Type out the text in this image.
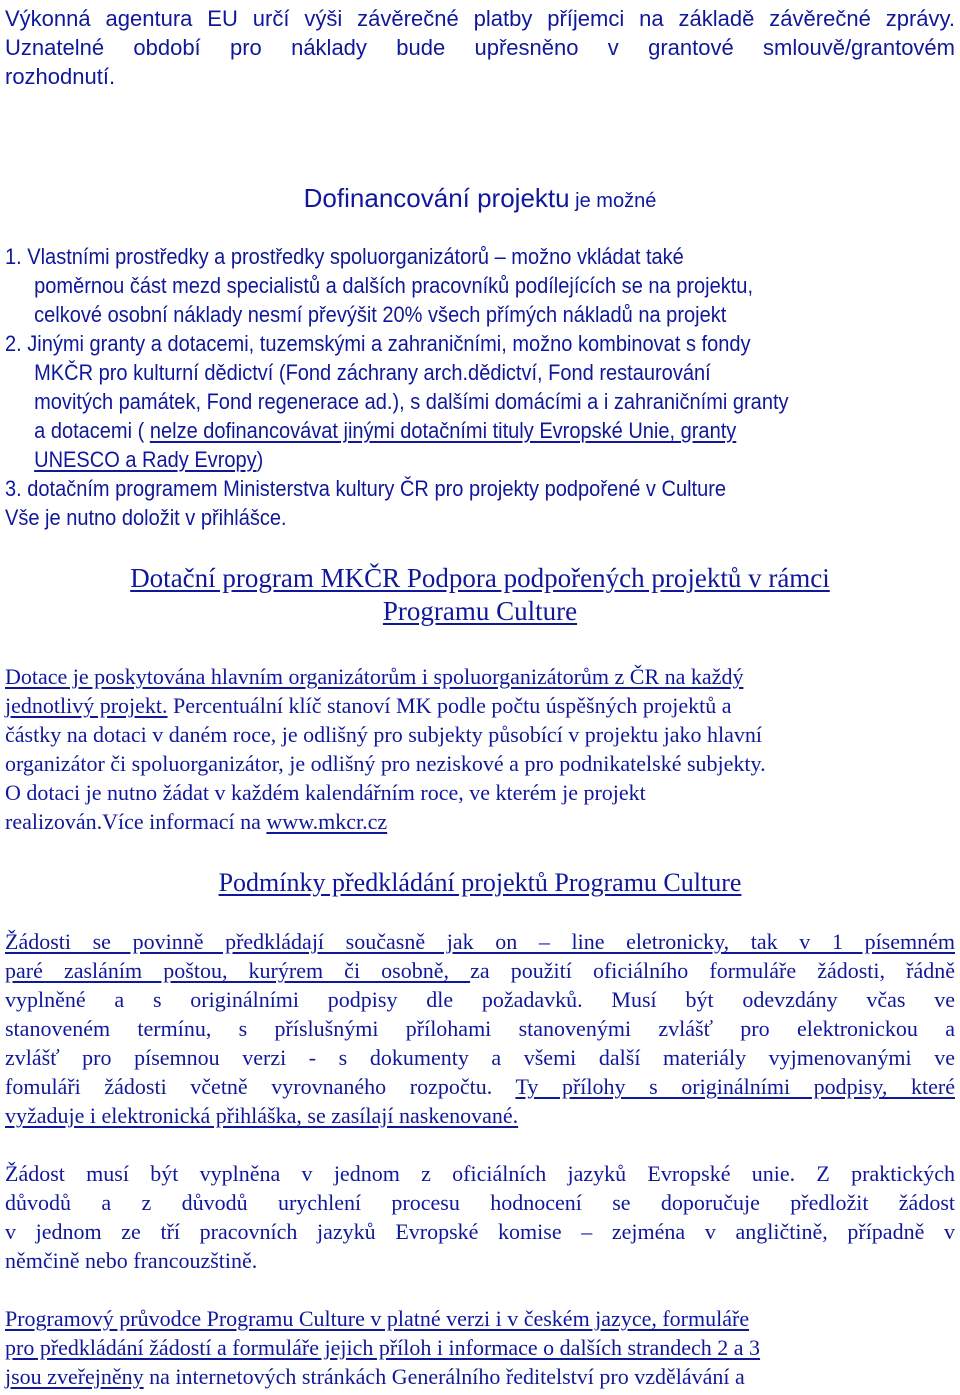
Výkonná agentura EU určí výši závěrečné platby příjemci na základě závěrečné zprávy.
Uznatelné období pro náklady bude upřesněno v grantové smlouvě/grantovém
rozhodnutí.
Dofinancování projektu je možné
1. Vlastními prostředky a prostředky spoluorganizátorů – možno vkládat také
poměrnou část mezd specialistů a dalších pracovníků podílejících se na projektu,
celkové osobní náklady nesmí převýšit 20% všech přímých nákladů na projekt
2. Jinými granty a dotacemi, tuzemskými a zahraničními, možno kombinovat s fondy
MKČR pro kulturní dědictví (Fond záchrany arch.dědictví, Fond restaurování
movitých památek, Fond regenerace ad.), s dalšími domácími a i zahraničními granty
a dotacemi ( nelze dofinancovávat jinými dotačními tituly Evropské Unie, granty
UNESCO a Rady Evropy)
3. dotačním programem Ministerstva kultury ČR pro projekty podpořené v Culture
Vše je nutno doložit v přihlášce.
Dotační program MKČR Podpora podpořených projektů v rámci
Programu Culture
Dotace je poskytována hlavním organizátorům i spoluorganizátorům z ČR na každý
jednotlivý projekt. Percentuální klíč stanoví MK podle počtu úspěšných projektů a
částky na dotaci v daném roce, je odlišný pro subjekty působící v projektu jako hlavní
organizátor či spoluorganizátor, je odlišný pro neziskové a pro podnikatelské subjekty.
O dotaci je nutno žádat v každém kalendářním roce, ve kterém je projekt
realizován.Více informací na www.mkcr.cz
Podmínky předkládání projektů Programu Culture
Žádosti se povinně předkládají současně jak on – line eletronicky, tak v 1 písemném
paré zasláním poštou, kurýrem či osobně, za použití oficiálního formuláře žádosti, řádně
vyplněné a s originálními podpisy dle požadavků. Musí být odevzdány včas ve
stanoveném termínu, s příslušnými přílohami stanovenými zvlášť pro elektronickou a
zvlášť pro písemnou verzi - s dokumenty a všemi další materiály vyjmenovanými ve
fomuláři žádosti včetně vyrovnaného rozpočtu. Ty přílohy s originálními podpisy, které
vyžaduje i elektronická přihláška, se zasílají naskenované.
Žádost musí být vyplněna v jednom z oficiálních jazyků Evropské unie. Z praktických
důvodů a z důvodů urychlení procesu hodnocení se doporučuje předložit žádost
v jednom ze tří pracovních jazyků Evropské komise – zejména v angličtině, případně v
němčině nebo francouzštině.
Programový průvodce Programu Culture v platné verzi i v českém jazyce, formuláře
pro předkládání žádostí a formuláře jejich příloh i informace o dalších strandech 2 a 3
jsou zveřejněny na internetových stránkách Generálního ředitelství pro vzdělávání a
